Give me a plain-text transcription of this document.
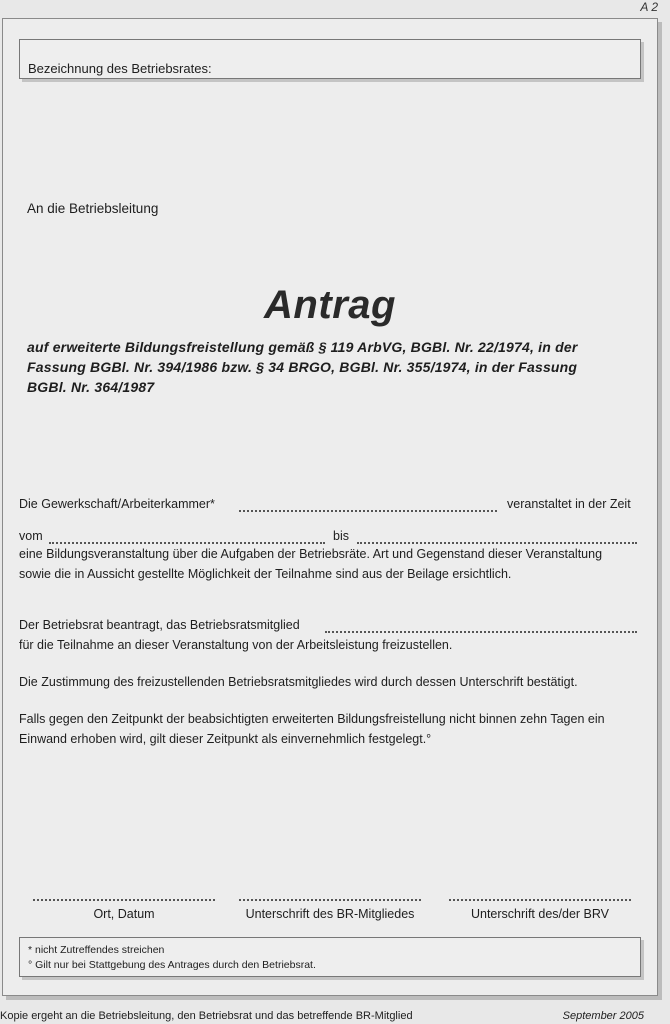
A 2
Bezeichnung des Betriebsrates:
An die Betriebsleitung
Antrag
auf erweiterte Bildungsfreistellung gemäß § 119 ArbVG, BGBl. Nr. 22/1974, in der
Fassung BGBl. Nr. 394/1986 bzw. § 34 BRGO, BGBl. Nr. 355/1974, in der Fassung
BGBl. Nr. 364/1987
Die Gewerkschaft/Arbeiterkammer*	veranstaltet in der Zeit
vom	bis
eine Bildungsveranstaltung über die Aufgaben der Betriebsräte. Art und Gegenstand dieser Veranstaltung
sowie die in Aussicht gestellte Möglichkeit der Teilnahme sind aus der Beilage ersichtlich.
Der Betriebsrat beantragt, das Betriebsratsmitglied
für die Teilnahme an dieser Veranstaltung von der Arbeitsleistung freizustellen.
Die Zustimmung des freizustellenden Betriebsratsmitgliedes wird durch dessen Unterschrift bestätigt.
Falls gegen den Zeitpunkt der beabsichtigten erweiterten Bildungsfreistellung nicht binnen zehn Tagen ein
Einwand erhoben wird, gilt dieser Zeitpunkt als einvernehmlich festgelegt.°
Ort, Datum	Unterschrift des BR-Mitgliedes	Unterschrift des/der BRV
* nicht Zutreffendes streichen
° Gilt nur bei Stattgebung des Antrages durch den Betriebsrat.
Kopie ergeht an die Betriebsleitung, den Betriebsrat und das betreffende BR-Mitglied	September 2005
